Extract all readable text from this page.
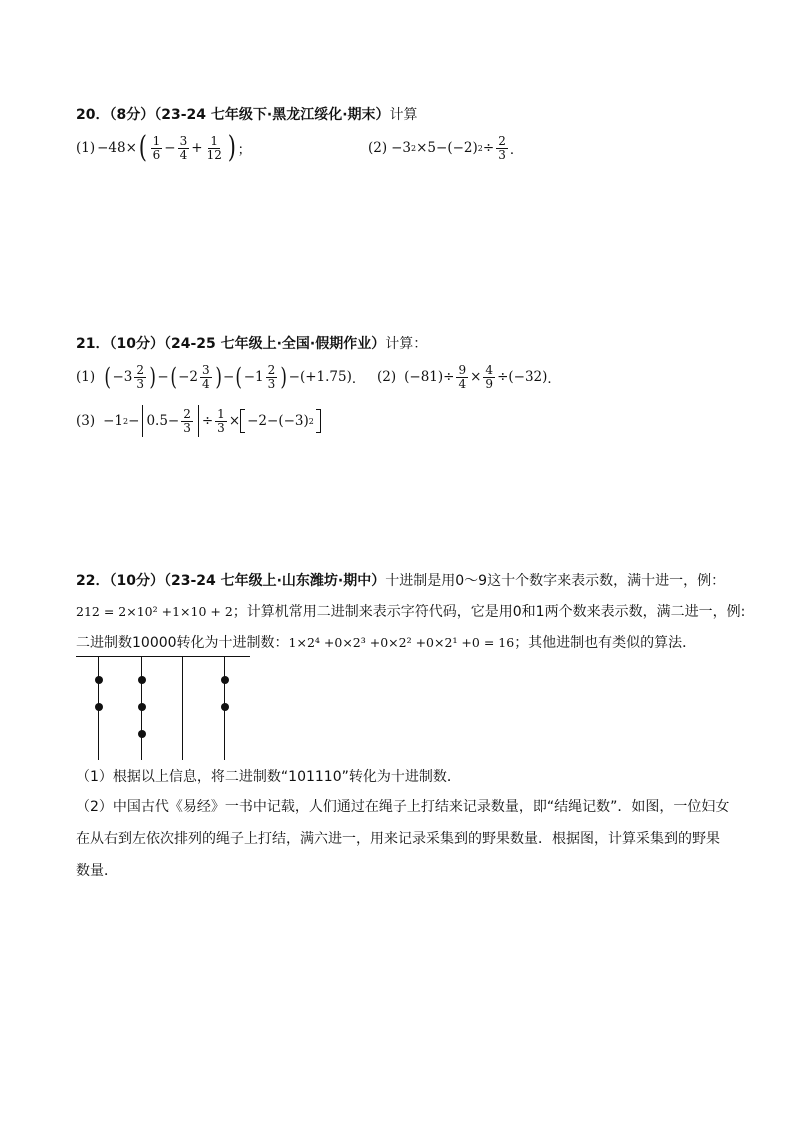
20．（8分）（23-24 七年级下·黑龙江绥化·期末）计算
(1) −48× ( $\frac{1}{6} - \frac{3}{4} + \frac{1}{12}$ ) ；	(2) −3 2 ×5−(−2) $2 \div \frac{2}{3}$ ．
21．（10分）（24-25 七年级上·全国·假期作业）计算：
(1) ( $-3 \frac{2}{3}$ ) − ( $-2 \frac{3}{4}$ ) − ( $-1 \frac{2}{3}$ ) − (+1.75) ． (2) $(-81)\div \frac{9}{4} \times \frac{4}{9} \div(-32)$ ．
(3) −1 $2 - 0.5- \frac{2}{3} \div \frac{1}{3} \times -2-(-3)$ 2
22．（10分）（23-24 七年级上·山东潍坊·期中）十进制是用0～9这十个数字来表示数，满十进一，例：
212 = 2×10² +1×10 + 2；计算机常用二进制来表示字符代码，它是用0和1两个数来表示数，满二进一，例:
二进制数10000转化为十进制数：1×2⁴ +0×2³ +0×2² +0×2¹ +0 = 16；其他进制也有类似的算法．
（1）根据以上信息，将二进制数“101110”转化为十进制数．
（2）中国古代《易经》一书中记载，人们通过在绳子上打结来记录数量，即“结绳记数”．如图，一位妇女
在从右到左依次排列的绳子上打结，满六进一，用来记录采集到的野果数量．根据图，计算采集到的野果
数量．
